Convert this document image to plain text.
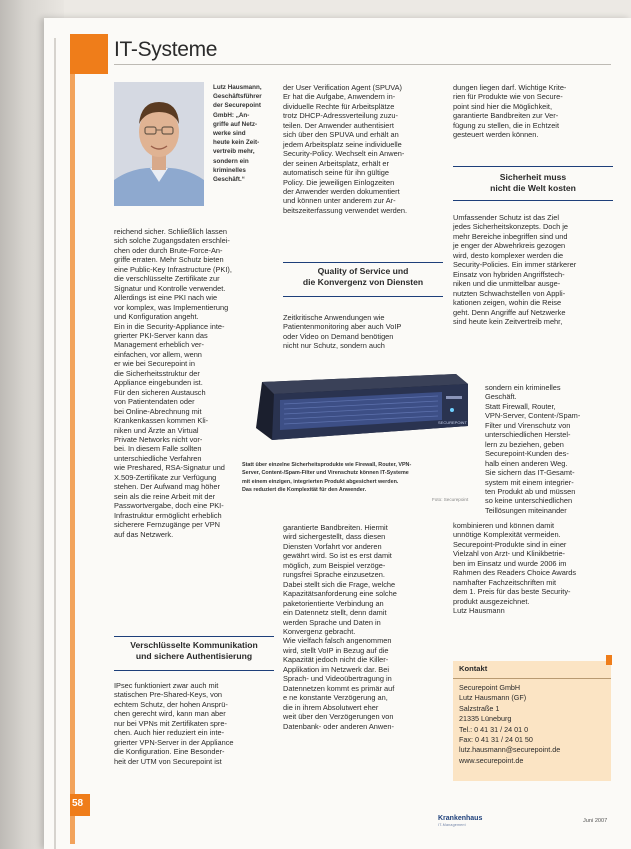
58
IT-Systeme
Lutz Hausmann,
Geschäftsführer
der Securepoint
GmbH: „An-
griffe auf Netz-
werke sind
heute kein Zeit-
vertreib mehr,
sondern ein
kriminelles
Geschäft.“
reichend sicher. Schließlich lassen
sich solche Zugangsdaten erschlei-
chen oder durch Brute-Force-An-
griffe erraten. Mehr Schutz bieten
eine Public-Key Infrastructure (PKI),
die verschlüsselte Zertifikate zur
Signatur und Kontrolle verwendet.
Allerdings ist eine PKI nach wie
vor komplex, was Implementierung
und Konfiguration angeht.
Ein in die Security-Appliance inte-
grierter PKI-Server kann das
Management erheblich ver-
einfachen, vor allem, wenn
er wie bei Securepoint in
die Sicherheitsstruktur der
Appliance eingebunden ist.
Für den sicheren Austausch
von Patientendaten oder
bei Online-Abrechnung mit
Krankenkassen kommen Kli-
niken und Ärzte an Virtual
Private Networks nicht vor-
bei. In diesem Falle sollten
unterschiedliche Verfahren
wie Preshared, RSA-Signatur und
X.509-Zertifikate zur Verfügung
stehen. Der Aufwand mag höher
sein als die reine Arbeit mit der
Passwortvergabe, doch eine PKI-
Infrastruktur ermöglicht erheblich
sicherere Fernzugänge per VPN
auf das Netzwerk.
Verschlüsselte Kommunikation
und sichere Authentisierung
IPsec funktioniert zwar auch mit
statischen Pre-Shared-Keys, von
echtem Schutz, der hohen Ansprü-
chen gerecht wird, kann man aber
nur bei VPNs mit Zertifikaten spre-
chen. Auch hier reduziert ein inte-
grierter VPN-Server in der Appliance
die Konfiguration. Eine Besonder-
heit der UTM von Securepoint ist
der User Verification Agent (SPUVA)
Er hat die Aufgabe, Anwendern in-
dividuelle Rechte für Arbeitsplätze
trotz DHCP-Adressverteilung zuzu-
teilen. Der Anwender authentisiert
sich über den SPUVA und erhält an
jedem Arbeitsplatz seine individuelle
Security-Policy. Wechselt ein Anwen-
der seinen Arbeitsplatz, erhält er
automatisch seine für ihn gültige
Policy. Die jeweiligen Einlogzeiten
der Anwender werden dokumentiert
und können unter anderem zur Ar-
beitszeiterfassung verwendet werden.
Quality of Service und
die Konvergenz von Diensten
Zeitkritische Anwendungen wie
Patientenmonitoring aber auch VoIP
oder Video on Demand benötigen
nicht nur Schutz, sondern auch
garantierte Bandbreiten. Hiermit
wird sichergestellt, dass diesen
Diensten Vorfahrt vor anderen
gewährt wird. So ist es erst damit
möglich, zum Beispiel verzöge-
rungsfrei Sprache einzusetzen.
Dabei stellt sich die Frage, welche
Kapazitätsanforderung eine solche
paketorientierte Verbindung an
ein Datennetz stellt, denn damit
werden Sprache und Daten in
Konvergenz gebracht.
Wie vielfach falsch angenommen
wird, stellt VoIP in Bezug auf die
Kapazität jedoch nicht die Killer-
Applikation im Netzwerk dar. Bei
Sprach- und Videoübertragung in
Datennetzen kommt es primär auf
e ne konstante Verzögerung an,
die in ihrem Absolutwert eher
weit über den Verzögerungen von
Datenbank- oder anderen Anwen-
dungen liegen darf. Wichtige Krite-
rien für Produkte wie von Secure-
point sind hier die Möglichkeit,
garantierte Bandbreiten zur Ver-
fügung zu stellen, die in Echtzeit
gesteuert werden können.
Sicherheit muss
nicht die Welt kosten
Umfassender Schutz ist das Ziel
jedes Sicherheitskonzepts. Doch je
mehr Bereiche inbegriffen sind und
je enger der Abwehrkreis gezogen
wird, desto komplexer werden die
Security-Policies. Ein immer stärkerer
Einsatz von hybriden Angriffstech-
niken und die unmittelbar ausge-
nutzten Schwachstellen von Appli-
kationen zeigen, wohin die Reise
geht. Denn Angriffe auf Netzwerke
sind heute kein Zeitvertreib mehr,
sondern ein kriminelles
Geschäft.
Statt Firewall, Router,
VPN-Server, Content-/Spam-
Filter und Virenschutz von
unterschiedlichen Herstel-
lern zu beziehen, geben
Securepoint-Kunden des-
halb einen anderen Weg.
Sie sichern das IT-Gesamt-
system mit einem integrier-
ten Produkt ab und müssen
so keine unterschiedlichen
Teillösungen miteinander
kombinieren und können damit
unnötige Komplexität vermeiden.
Securepoint-Produkte sind in einer
Vielzahl von Arzt- und Klinikbetrie-
ben im Einsatz und wurde 2006 im
Rahmen des Readers Choice Awards
namhafter Fachzeitschriften mit
dem 1. Preis für das beste Security-
produkt ausgezeichnet.
Lutz Hausmann
SECUREPOINT
Statt über einzelne Sicherheitsprodukte wie Firewall, Router, VPN-
Server, Content-/Spam-Filter und Virenschutz können IT-Systeme
mit einem einzigen, integrierten Produkt abgesichert werden.
Das reduziert die Komplexität für den Anwender.
Foto: Securepoint
Kontakt
Securepoint GmbH
Lutz Hausmann (GF)
Salzstraße 1
21335 Lüneburg
Tel.: 0 41 31 / 24 01 0
Fax: 0 41 31 / 24 01 50
lutz.hausmann@securepoint.de
www.securepoint.de
Krankenhaus
IT-Management
Juni 2007
